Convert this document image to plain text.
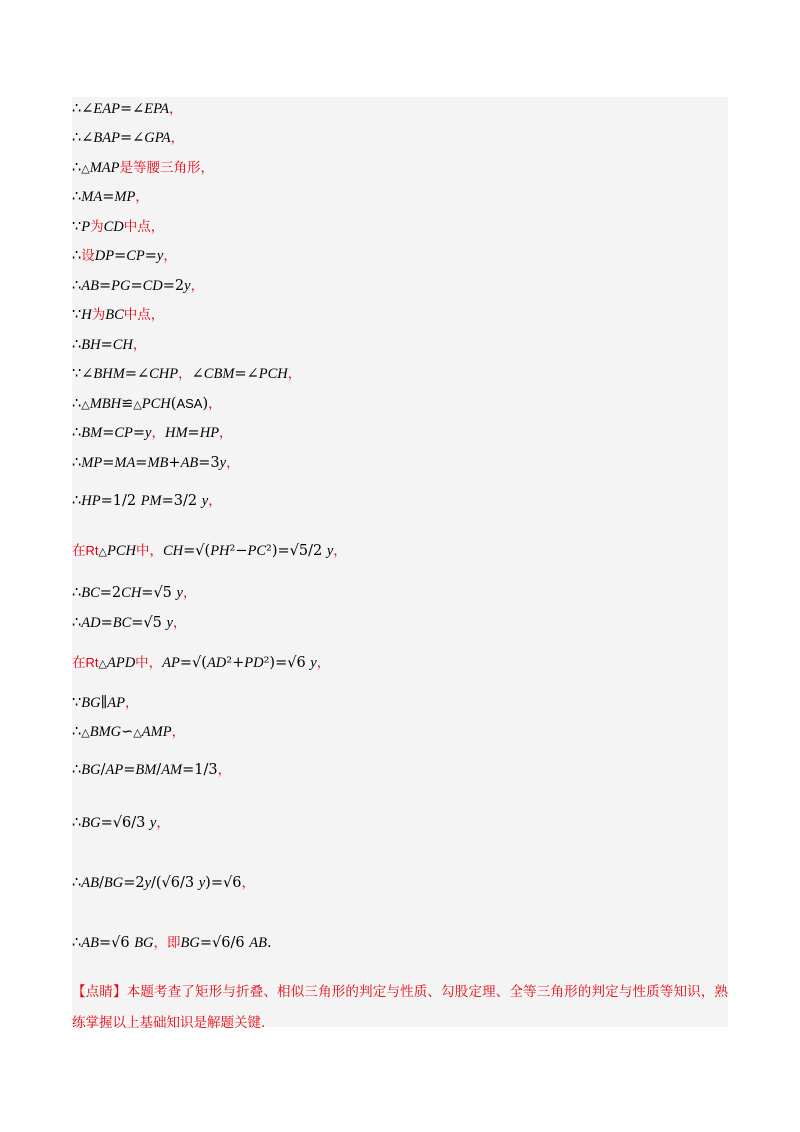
∴∠EAP=∠EPA，
∴∠BAP=∠GPA，
∴△MAP是等腰三角形，
∴MA=MP，
∵P为CD中点，
∴设DP=CP=y，
∴AB=PG=CD=2y，
∵H为BC中点，
∴BH=CH，
∵∠BHM=∠CHP，∠CBM=∠PCH，
∴△MBH≌△PCH(ASA)，
∴BM=CP=y，HM=HP，
∴MP=MA=MB+AB=3y，
∴HP=1/2 PM=3/2 y，
在Rt△PCH中，CH=√(PH²−PC²)=√5/2 y，
∴BC=2CH=√5 y，
∴AD=BC=√5 y，
在Rt△APD中，AP=√(AD²+PD²)=√6 y，
∵BG∥AP，
∴△BMG∽△AMP，
∴BG/AP=BM/AM=1/3，
∴BG=√6/3 y，
∴AB/BG=2y/(√6/3 y)=√6，
∴AB=√6 BG，即BG=√6/6 AB.
【点睛】本题考查了矩形与折叠、相似三角形的判定与性质、勾股定理、全等三角形的判定与性质等知识，熟练掌握以上基础知识是解题关键.
